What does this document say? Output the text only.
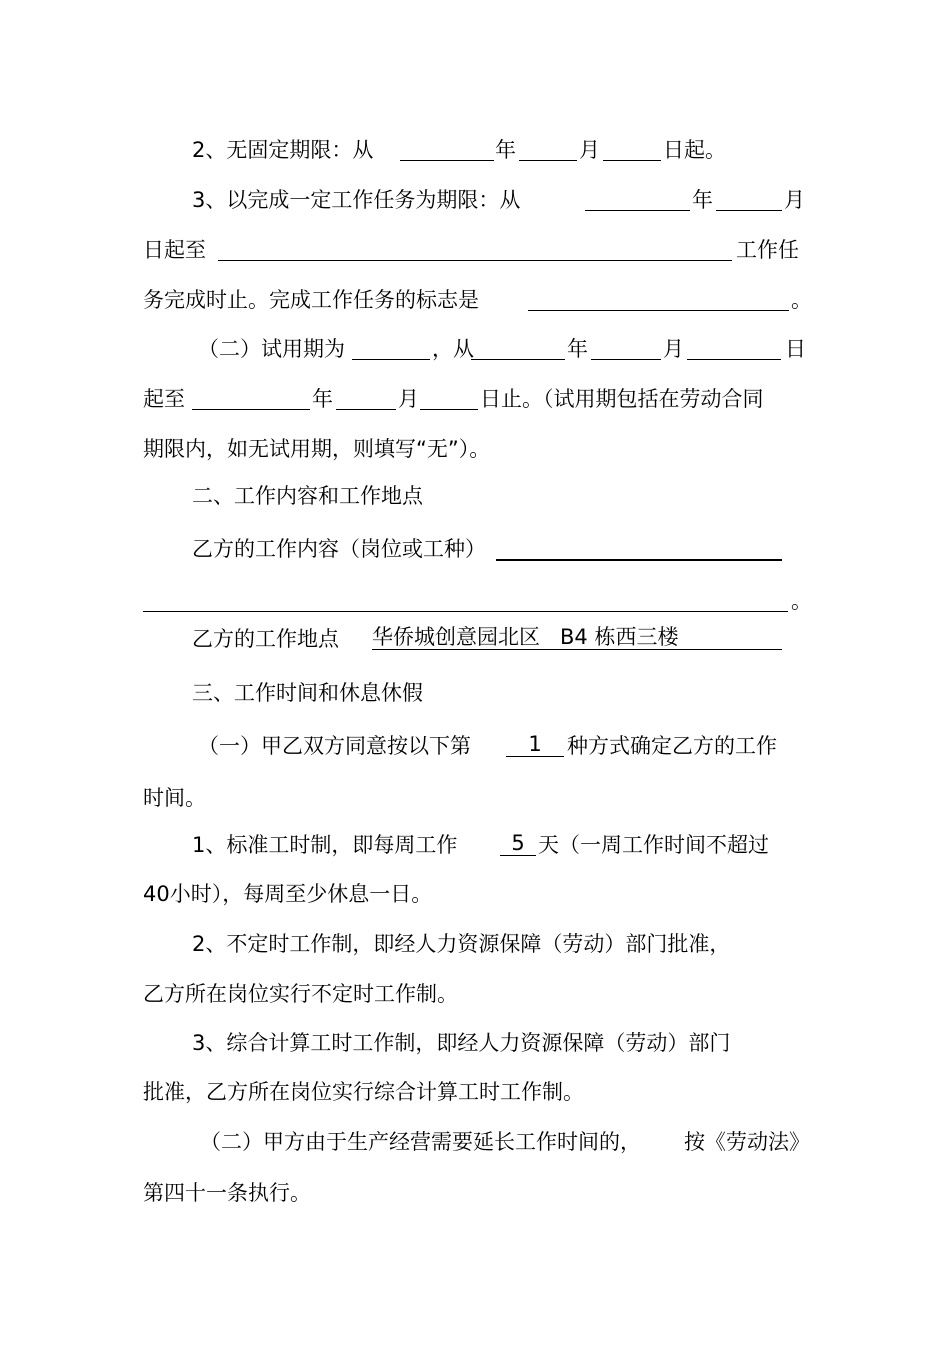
2、无固定期限：从	年	月	日起。
3、以完成一定工作任务为期限：从	年	月
日起至	工作任
务完成时止。完成工作任务的标志是	。
（二）试用期为	，从	年	月	日
起至	年	月	日止。（试用期包括在劳动合同
期限内，如无试用期，则填写“无”）。
二、工作内容和工作地点
乙方的工作内容（岗位或工种）
。
乙方的工作地点 华侨城创意园北区   B4 栋西三楼
三、工作时间和休息休假
（一）甲乙双方同意按以下第	1	种方式确定乙方的工作
时间。
1、标准工时制，即每周工作	5 天（一周工作时间不超过
40小时），每周至少休息一日。
2、不定时工作制，即经人力资源保障（劳动）部门批准，
乙方所在岗位实行不定时工作制。
3、综合计算工时工作制，即经人力资源保障（劳动）部门
批准，乙方所在岗位实行综合计算工时工作制。
（二）甲方由于生产经营需要延长工作时间的， 按《劳动法》
第四十一条执行。
